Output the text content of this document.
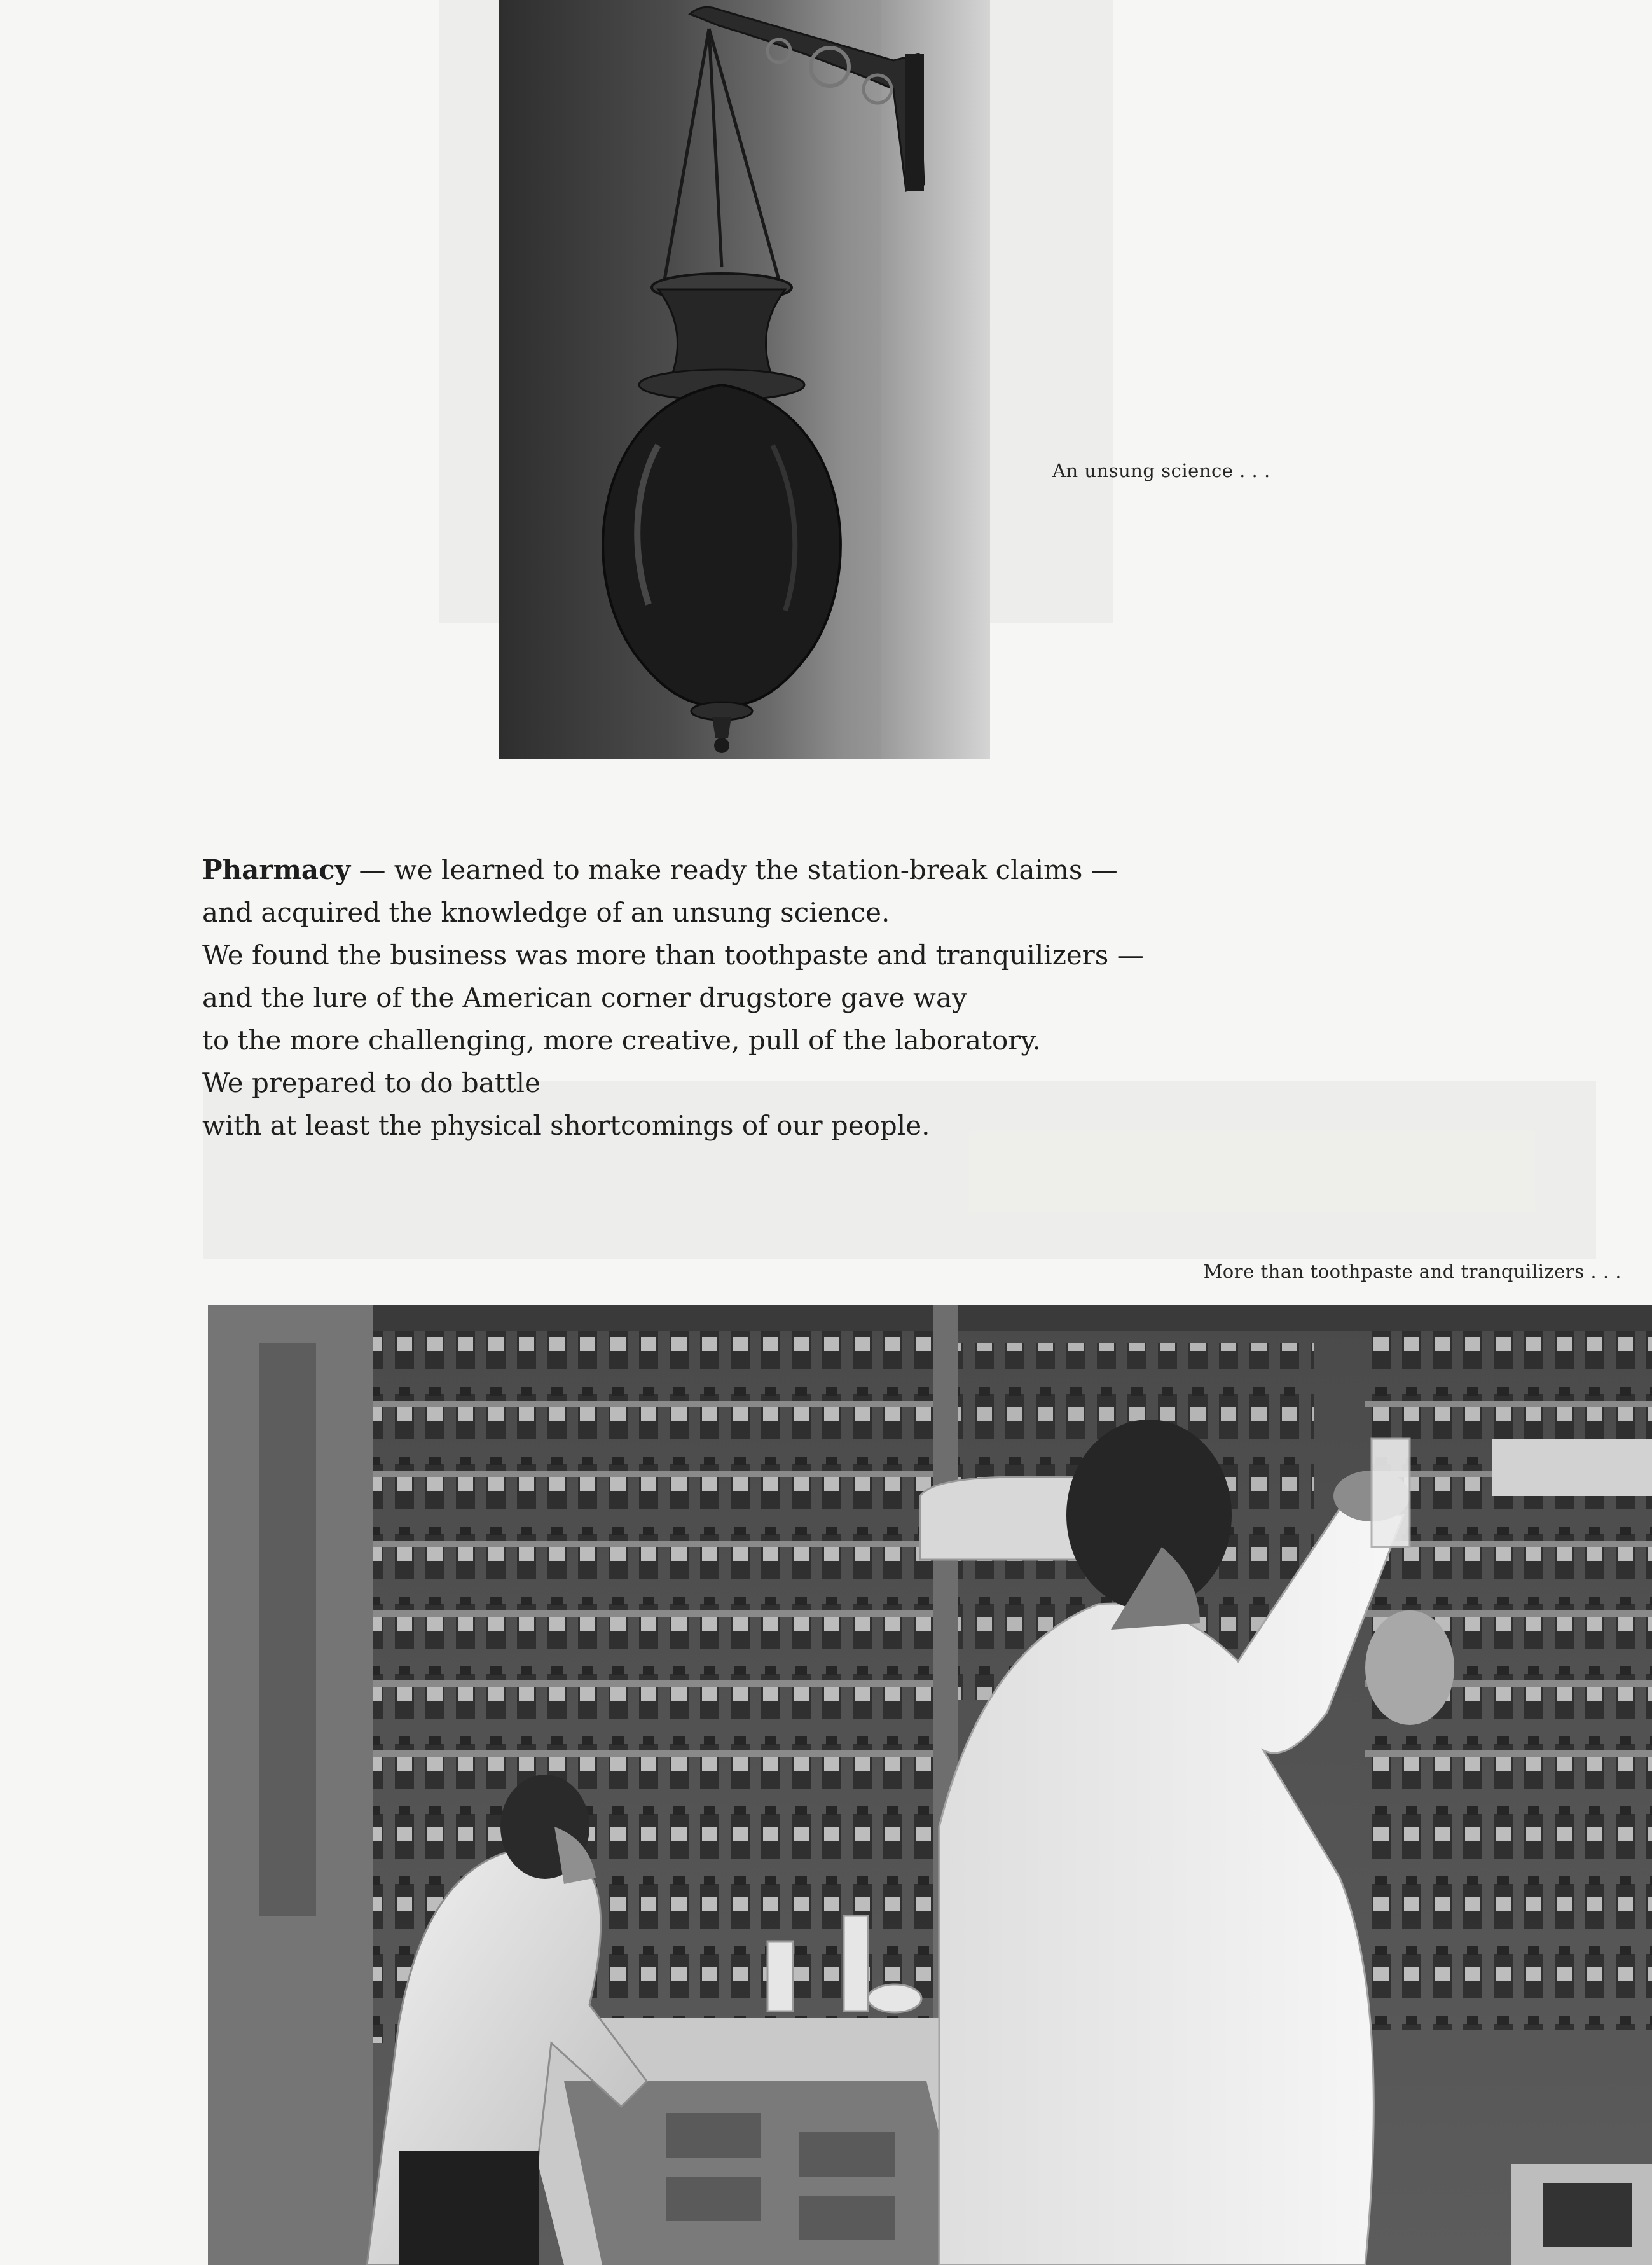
An unsung science . . .
Pharmacy — we learned to make ready the station-break claims —
and acquired the knowledge of an unsung science.
We found the business was more than toothpaste and tranquilizers —
and the lure of the American corner drugstore gave way
to the more challenging, more creative, pull of the laboratory.
We prepared to do battle
with at least the physical shortcomings of our people.
More than toothpaste and tranquilizers . . .
